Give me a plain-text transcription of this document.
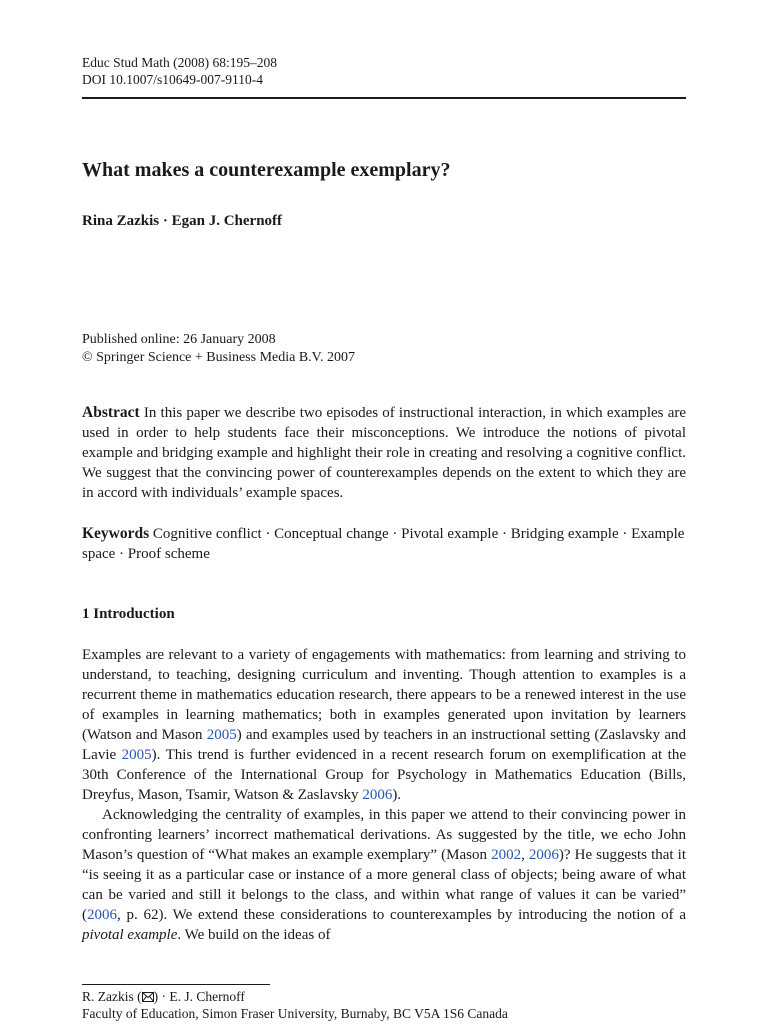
Educ Stud Math (2008) 68:195–208
DOI 10.1007/s10649-007-9110-4
What makes a counterexample exemplary?
Rina Zazkis · Egan J. Chernoff
Published online: 26 January 2008
© Springer Science + Business Media B.V. 2007
Abstract In this paper we describe two episodes of instructional interaction, in which examples are used in order to help students face their misconceptions. We introduce the notions of pivotal example and bridging example and highlight their role in creating and resolving a cognitive conflict. We suggest that the convincing power of counterexamples depends on the extent to which they are in accord with individuals’ example spaces.
Keywords Cognitive conflict · Conceptual change · Pivotal example · Bridging example · Example space · Proof scheme
1 Introduction
Examples are relevant to a variety of engagements with mathematics: from learning and striving to understand, to teaching, designing curriculum and inventing. Though attention to examples is a recurrent theme in mathematics education research, there appears to be a renewed interest in the use of examples in learning mathematics; both in examples generated upon invitation by learners (Watson and Mason 2005) and examples used by teachers in an instructional setting (Zaslavsky and Lavie 2005). This trend is further evidenced in a recent research forum on exemplification at the 30th Conference of the International Group for Psychology in Mathematics Education (Bills, Dreyfus, Mason, Tsamir, Watson & Zaslavsky 2006).
Acknowledging the centrality of examples, in this paper we attend to their convincing power in confronting learners’ incorrect mathematical derivations. As suggested by the title, we echo John Mason’s question of “What makes an example exemplary” (Mason 2002, 2006)? He suggests that it “is seeing it as a particular case or instance of a more general class of objects; being aware of what can be varied and still it belongs to the class, and within what range of values it can be varied” (2006, p. 62). We extend these considerations to counterexamples by introducing the notion of a pivotal example. We build on the ideas of
R. Zazkis ( ) · E. J. Chernoff
Faculty of Education, Simon Fraser University, Burnaby, BC V5A 1S6 Canada
